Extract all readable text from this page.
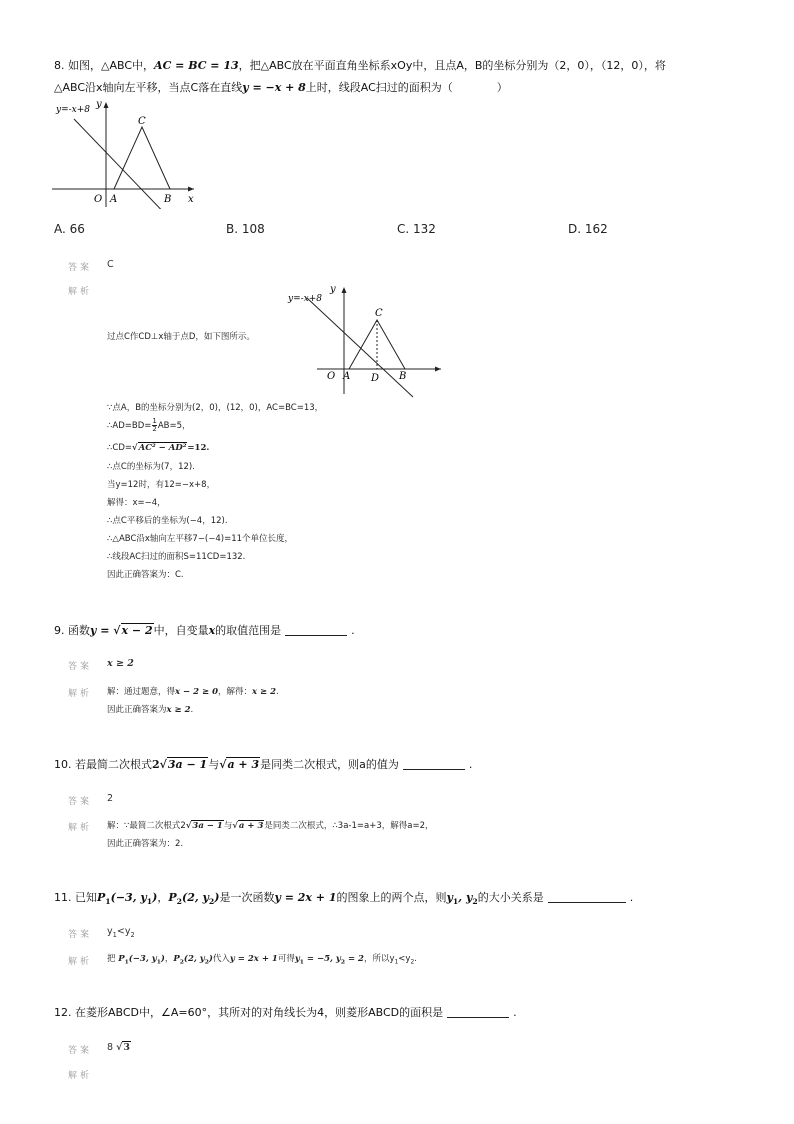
8. 如图，△ABC中，AC = BC = 13，把△ABC放在平面直角坐标系xOy中，且点A，B的坐标分别为（2，0），（12，0），将
△ABC沿x轴向左平移，当点C落在直线y = −x + 8上时，线段AC扫过的面积为（　　　　）
y=-x+8 y
x
O A	B
C
A. 66	B. 108	C. 132	D. 162
答案 C
解析
过点C作CD⊥x轴于点D，如下图所示。
y=-x+8
y
O A D B
C
∵点A，B的坐标分别为(2，0)，(12，0)，AC=BC=13，
∴AD=BD= $\frac{1}{2} AB=5$，
∴CD=√AC² − AD²=12.
∴点C的坐标为(7，12).
当y=12时，有12=−x+8，
解得：x=−4，
∴点C平移后的坐标为(−4，12).
∴△ABC沿x轴向左平移7−(−4)=11个单位长度，
∴线段AC扫过的面积S=11CD=132.
因此正确答案为：C.
9. 函数y = √x − 2中，自变量x的取值范围是	.
答案 x ≥ 2
解析 解：通过题意，得x − 2 ≥ 0，解得：x ≥ 2.
因此正确答案为x ≥ 2.
10. 若最简二次根式2√3a − 1与√a + 3是同类二次根式，则a的值为	.
答案 2
解析 解：∵最简二次根式2√3a − 1与√a + 3是同类二次根式，∴3a-1=a+3，解得a=2，
因此正确答案为：2.
11. 已知$P_1(-3$, $y_1$)，$P_2(2$, $y_2$)是一次函数y = 2x + 1的图象上的两个点，则$y_1$, $y_2$的大小关系是	.
答案 $y_1<y_2$
解析 把 $P_1(-3$, $y_1$)，$P_2(2$, $y_2$)代入y = 2x + 1可得$y_1 = -5$, $y_2 = 2$，所以$y_1<y_2$.
12. 在菱形ABCD中，∠A=60°，其所对的对角线长为4，则菱形ABCD的面积是	.
答案 8 √3
解析
